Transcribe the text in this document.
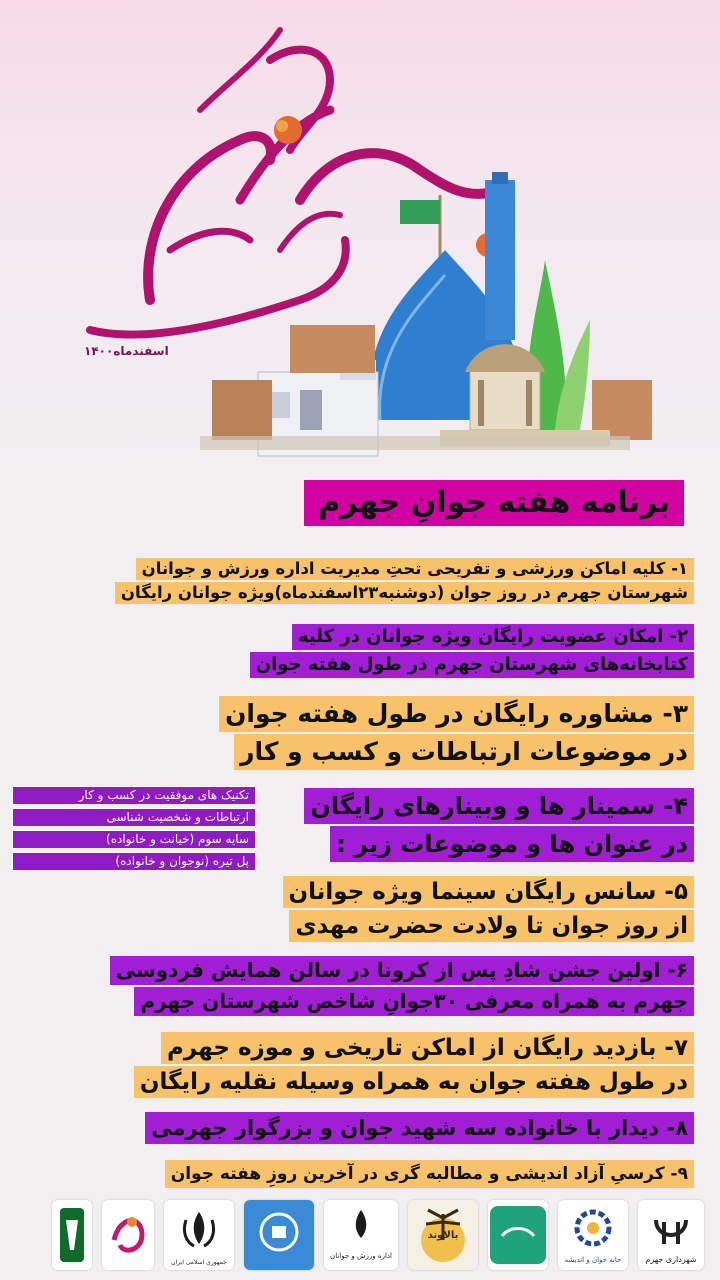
اسفندماه۱۴۰۰
برنامه هفته جوانِ جهرم
۱- کلیه اماکن ورزشی و تفریحی تحتِ مدیریت اداره ورزش و جوانان
شهرستان جهرم در روز جوان (دوشنبه۲۳اسفندماه)ویژه جوانان رایگان
۲- امکان عضویت رایگان ویژه جوانان در کلیه
کتابخانه‌های شهرستان جهرم در طول هفته جوان
۳- مشاوره رایگان در طول هفته جوان
در موضوعات ارتباطات و کسب و کار
۴- سمینار ها و وبینارهای رایگان
در عنوان ها و موضوعات زیر :
تکنیک های موفقیت در کسب و کار
ارتباطات و شخصیت شناسی
سایه سوم (خیانت و خانواده)
پل تیره (نوجوان و خانواده)
۵- سانس رایگان سینما ویژه جوانان
از روز جوان تا ولادت حضرت مهدی
۶- اولین جشن شادِ پس از کرونا در سالن همایش فردوسی
جهرم به همراه معرفی ۳۰جوانِ شاخص شهرستان جهرم
۷- بازدید رایگان از اماکن تاریخی و موزه جهرم
در طول هفته جوان به همراه وسیله نقلیه رایگان
۸- دیدار با خانواده سه شهید جوان و بزرگوار جهرمی
۹- کرسیِ آزاد اندیشی و مطالبه گری در آخرین روزِ هفته جوان
جمهوری اسلامی ایران
اداره ورزش و جوانان
بالاوند
خانه جوان و اندیشه	شهرداری جهرم
